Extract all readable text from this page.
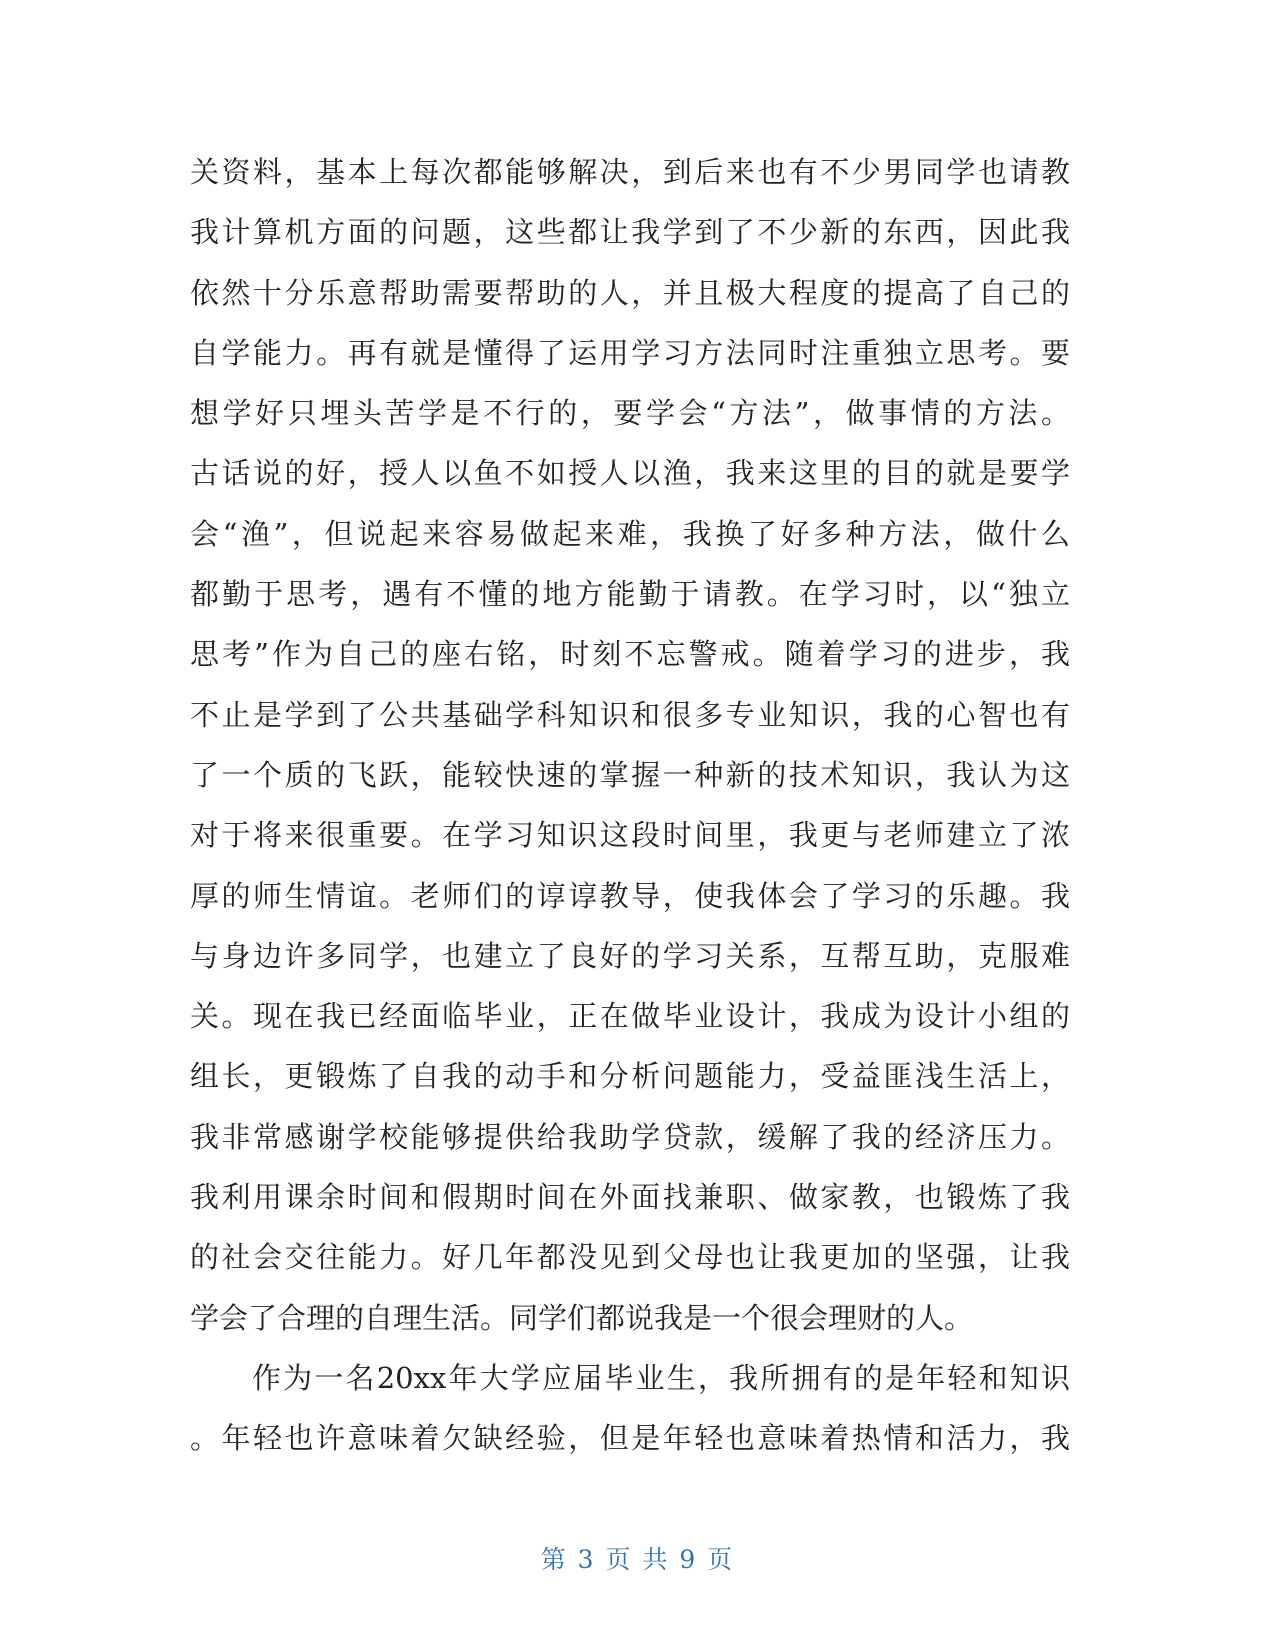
关资料，基本上每次都能够解决，到后来也有不少男同学也请教
我计算机方面的问题，这些都让我学到了不少新的东西，因此我
依然十分乐意帮助需要帮助的人，并且极大程度的提高了自己的
自学能力。再有就是懂得了运用学习方法同时注重独立思考。要
想学好只埋头苦学是不行的，要学会“方法”，做事情的方法。
古话说的好，授人以鱼不如授人以渔，我来这里的目的就是要学
会“渔”，但说起来容易做起来难，我换了好多种方法，做什么
都勤于思考，遇有不懂的地方能勤于请教。在学习时，以“独立
思考”作为自己的座右铭，时刻不忘警戒。随着学习的进步，我
不止是学到了公共基础学科知识和很多专业知识，我的心智也有
了一个质的飞跃，能较快速的掌握一种新的技术知识，我认为这
对于将来很重要。在学习知识这段时间里，我更与老师建立了浓
厚的师生情谊。老师们的谆谆教导，使我体会了学习的乐趣。我
与身边许多同学，也建立了良好的学习关系，互帮互助，克服难
关。现在我已经面临毕业，正在做毕业设计，我成为设计小组的
组长，更锻炼了自我的动手和分析问题能力，受益匪浅生活上，
我非常感谢学校能够提供给我助学贷款，缓解了我的经济压力。
我利用课余时间和假期时间在外面找兼职、做家教，也锻炼了我
的社会交往能力。好几年都没见到父母也让我更加的坚强，让我
学会了合理的自理生活。同学们都说我是一个很会理财的人。
作为一名20xx年大学应届毕业生，我所拥有的是年轻和知识
。年轻也许意味着欠缺经验，但是年轻也意味着热情和活力，我
第 3 页 共 9 页
